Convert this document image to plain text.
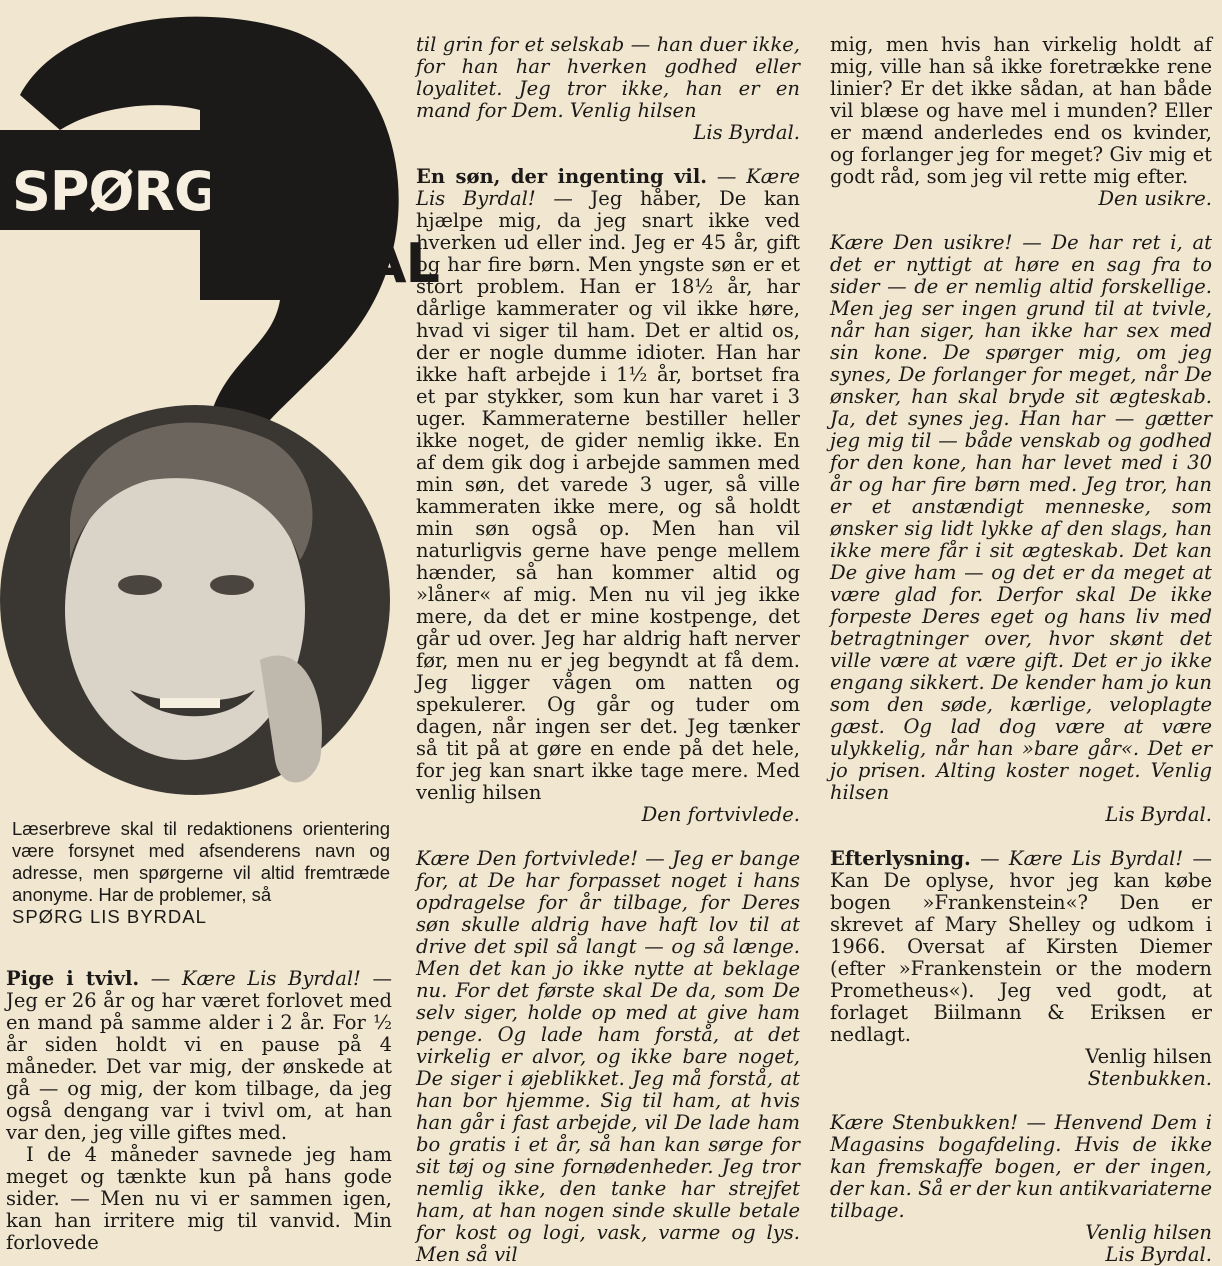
SPØRG
LIS
BYRDAL
Læserbreve skal til redaktionens orientering være forsynet med afsenderens navn og adresse, men spørgerne vil altid fremtræde anonyme. Har de problemer, så
SPØRG LIS BYRDAL

Pige i tvivl. — Kære Lis Byrdal! — Jeg er 26 år og har været forlovet med en mand på samme alder i 2 år. For ½ år siden holdt vi en pause på 4 måneder. Det var mig, der ønskede at gå — og mig, der kom tilbage, da jeg også dengang var i tvivl om, at han var den, jeg ville giftes med.

I de 4 måneder savnede jeg ham meget og tænkte kun på hans gode sider. — Men nu vi er sammen igen, kan han irritere mig til vanvid. Min forlovede

til grin for et selskab — han duer ikke, for han har hverken godhed eller loyalitet. Jeg tror ikke, han er en mand for Dem. Venlig hilsen

Lis Byrdal.

En søn, der ingenting vil. — Kære Lis Byrdal! — Jeg håber, De kan hjælpe mig, da jeg snart ikke ved hverken ud eller ind. Jeg er 45 år, gift og har fire børn. Men yngste søn er et stort problem. Han er 18½ år, har dårlige kammerater og vil ikke høre, hvad vi siger til ham. Det er altid os, der er nogle dumme idioter. Han har ikke haft arbejde i 1½ år, bortset fra et par stykker, som kun har varet i 3 uger. Kammeraterne bestiller heller ikke noget, de gider nemlig ikke. En af dem gik dog i arbejde sammen med min søn, det varede 3 uger, så ville kammeraten ikke mere, og så holdt min søn også op. Men han vil naturligvis gerne have penge mellem hænder, så han kommer altid og »låner« af mig. Men nu vil jeg ikke mere, da det er mine kostpenge, det går ud over. Jeg har aldrig haft nerver før, men nu er jeg begyndt at få dem. Jeg ligger vågen om natten og spekulerer. Og går og tuder om dagen, når ingen ser det. Jeg tænker så tit på at gøre en ende på det hele, for jeg kan snart ikke tage mere. Med venlig hilsen

Den fortvivlede.

Kære Den fortvivlede! — Jeg er bange for, at De har forpasset noget i hans opdragelse for år tilbage, for Deres søn skulle aldrig have haft lov til at drive det spil så langt — og så længe. Men det kan jo ikke nytte at beklage nu. For det første skal De da, som De selv siger, holde op med at give ham penge. Og lade ham forstå, at det virkelig er alvor, og ikke bare noget, De siger i øjeblikket. Jeg må forstå, at han bor hjemme. Sig til ham, at hvis han går i fast arbejde, vil De lade ham bo gratis i et år, så han kan sørge for sit tøj og sine fornødenheder. Jeg tror nemlig ikke, den tanke har strejfet ham, at han nogen sinde skulle betale for kost og logi, vask, varme og lys. Men så vil

mig, men hvis han virkelig holdt af mig, ville han så ikke foretrække rene linier? Er det ikke sådan, at han både vil blæse og have mel i munden? Eller er mænd anderledes end os kvinder, og forlanger jeg for meget? Giv mig et godt råd, som jeg vil rette mig efter.

Den usikre.

Kære Den usikre! — De har ret i, at det er nyttigt at høre en sag fra to sider — de er nemlig altid forskellige. Men jeg ser ingen grund til at tvivle, når han siger, han ikke har sex med sin kone. De spørger mig, om jeg synes, De forlanger for meget, når De ønsker, han skal bryde sit ægteskab. Ja, det synes jeg. Han har — gætter jeg mig til — både venskab og godhed for den kone, han har levet med i 30 år og har fire børn med. Jeg tror, han er et anstændigt menneske, som ønsker sig lidt lykke af den slags, han ikke mere får i sit ægteskab. Det kan De give ham — og det er da meget at være glad for. Derfor skal De ikke forpeste Deres eget og hans liv med betragtninger over, hvor skønt det ville være at være gift. Det er jo ikke engang sikkert. De kender ham jo kun som den søde, kærlige, veloplagte gæst. Og lad dog være at være ulykkelig, når han »bare går«. Det er jo prisen. Alting koster noget. Venlig hilsen

Lis Byrdal.

Efterlysning. — Kære Lis Byrdal! — Kan De oplyse, hvor jeg kan købe bogen »Frankenstein«? Den er skrevet af Mary Shelley og udkom i 1966. Oversat af Kirsten Diemer (efter »Frankenstein or the modern Prometheus«). Jeg ved godt, at forlaget Biilmann & Eriksen er nedlagt.

Venlig hilsen

Stenbukken.

Kære Stenbukken! — Henvend Dem i Magasins bogafdeling. Hvis de ikke kan fremskaffe bogen, er der ingen, der kan. Så er der kun antikvariaterne tilbage.

Venlig hilsen

Lis Byrdal.
